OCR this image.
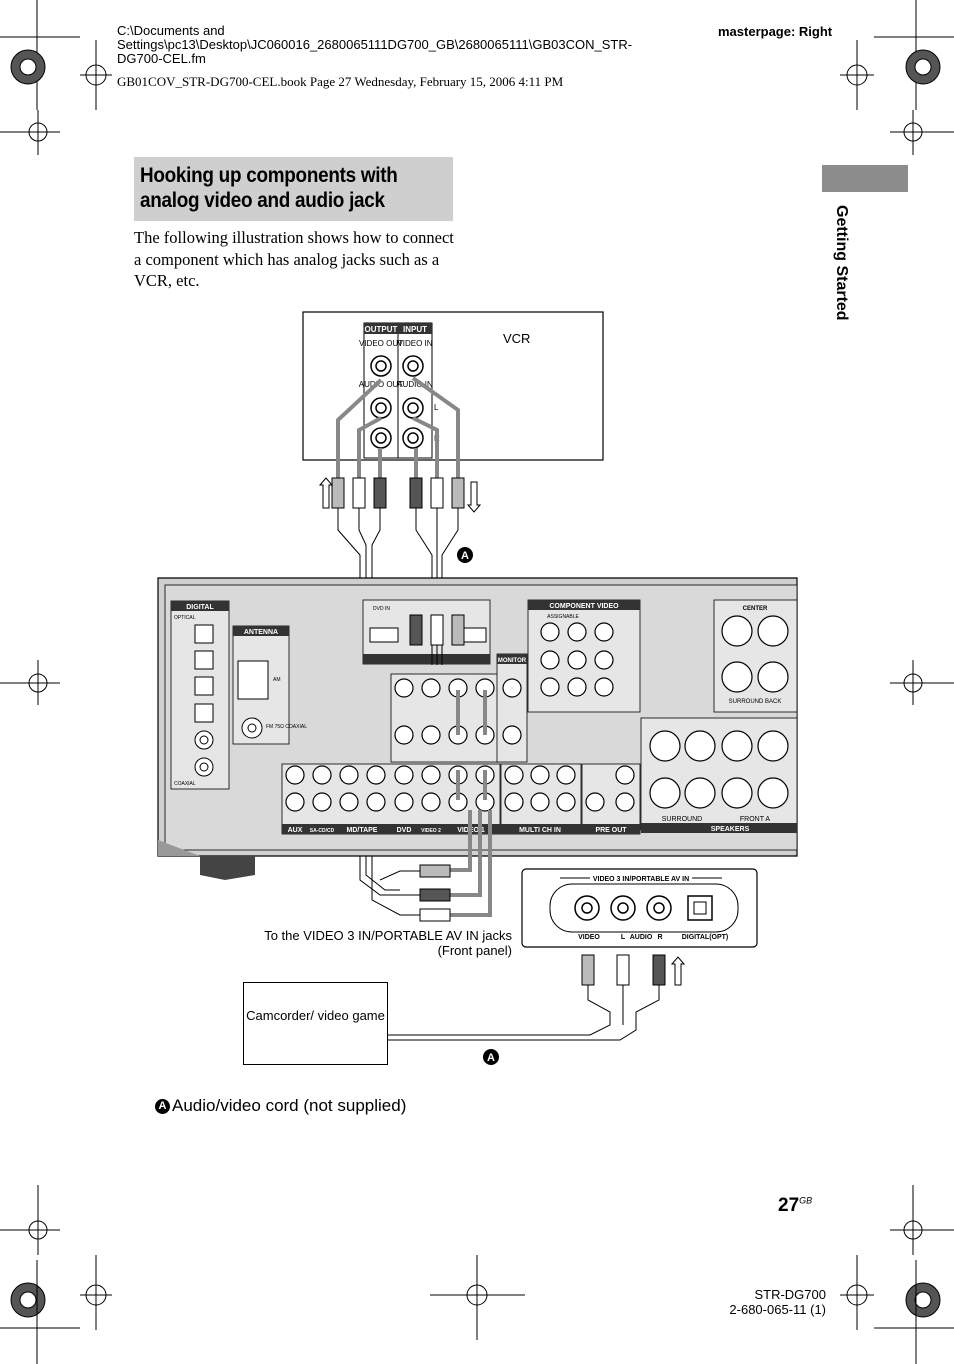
C:\Documents and Settings\pc13\Desktop\JC060016_2680065111DG700_GB\2680065111\GB03CON_STR-DG700-CEL.fm
masterpage: Right
GB01COV_STR-DG700-CEL.book Page 27 Wednesday, February 15, 2006 4:11 PM
Hooking up components with analog video and audio jack
The following illustration shows how to connect a component which has analog jacks such as a VCR, etc.	Getting Started
OUTPUT INPUT
VIDEO OUT
VIDEO IN
AUDIO OUT
AUDIO IN
L
R
VCR
A
DIGITAL
OPTICAL
COAXIAL
ANTENNA
AM
FM 75Ω COAXIAL
DVD IN
MONITOR
COMPONENT VIDEO
ASSIGNABLE
CENTER
SURROUND BACK
SURROUND	FRONT A
SPEAKERS
AUX SA-CD/CD MD/TAPE	DVD VIDEO 2 VIDEO 1	MULTI CH IN	PRE OUT
VIDEO 3 IN/PORTABLE AV IN
VIDEO	L AUDIO R	DIGITAL(OPT)
A
To the VIDEO 3 IN/PORTABLE AV IN jacks (Front panel)
Camcorder/ video game
A Audio/video cord (not supplied)
$27^{GB}$
STR-DG700
2-680-065-11 (1)
